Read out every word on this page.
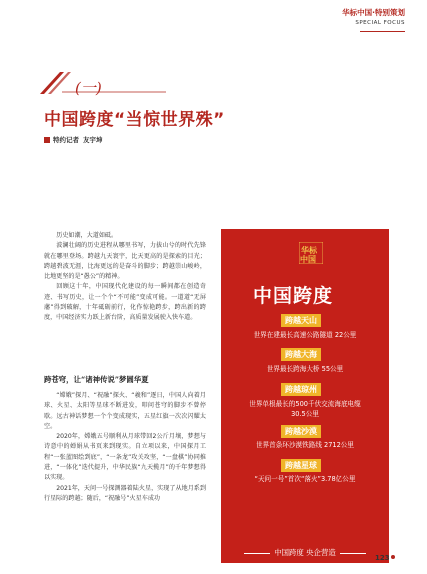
华标中国·特别策划
SPECIAL FOCUS
(一)
中国跨度“当惊世界殊”
特约记者 友宇坤

历史如潮，大道如砥。

波澜壮阔的历史进程从哪里书写，力拔山兮的时代先锋就在哪里登场。跨越九天寰宇，比天更高的是探索的目光；跨越碧波无涯，比海更远的是奋斗的脚步；跨越崇山峻岭，比地更坚的是“愚公”的精神。

回顾这十年，中国现代化建设的每一瞬间都在创造奇迹、书写历史，让一个个“不可能”变成可能。一道道“无屏藩”得到破解，十年砥砺前行，化作惊艳跨步，跨出新的跨度，中国经济实力跃上新台阶，高质量发展驶入快车道。

跨苍穹，让“诸神传说”梦圆华夏

“嫦娥”探月、“祝融”探火、“羲和”逐日，中国人向着月球、火星、太阳等星球不断进发，叩问苍穹的脚步不曾停歇。远古神话梦想一个个变成现实，五星红旗一次次闪耀太空。

2020年，嫦娥五号顺利从月球带回2公斤月壤，梦想与诗意中的婵娟从书页来到现实。自立项以来，中国探月工程“一张蓝图绘到底”，“一条龙”攻关攻坚，“一盘棋”协同推进，“一体化”迭代提升，中华民族“九天揽月”的千年梦想得以实现。

2021年，天问一号探测器着陆火星，实现了从地月系到行星际的跨越；随后，“祝融号”火星车成功

华标
中国
中国跨度
跨越天山
世界在建最长高速公路隧道 22公里
跨越大海
世界最长跨海大桥 55公里
跨越琼州
世界单根最长的500千伏交流海底电缆 30.5公里
跨越沙漠
世界首条环沙漠铁路线 2712公里
跨越星球
“天问一号”首次“落火”3.78亿公里
中国跨度 央企营造
123
